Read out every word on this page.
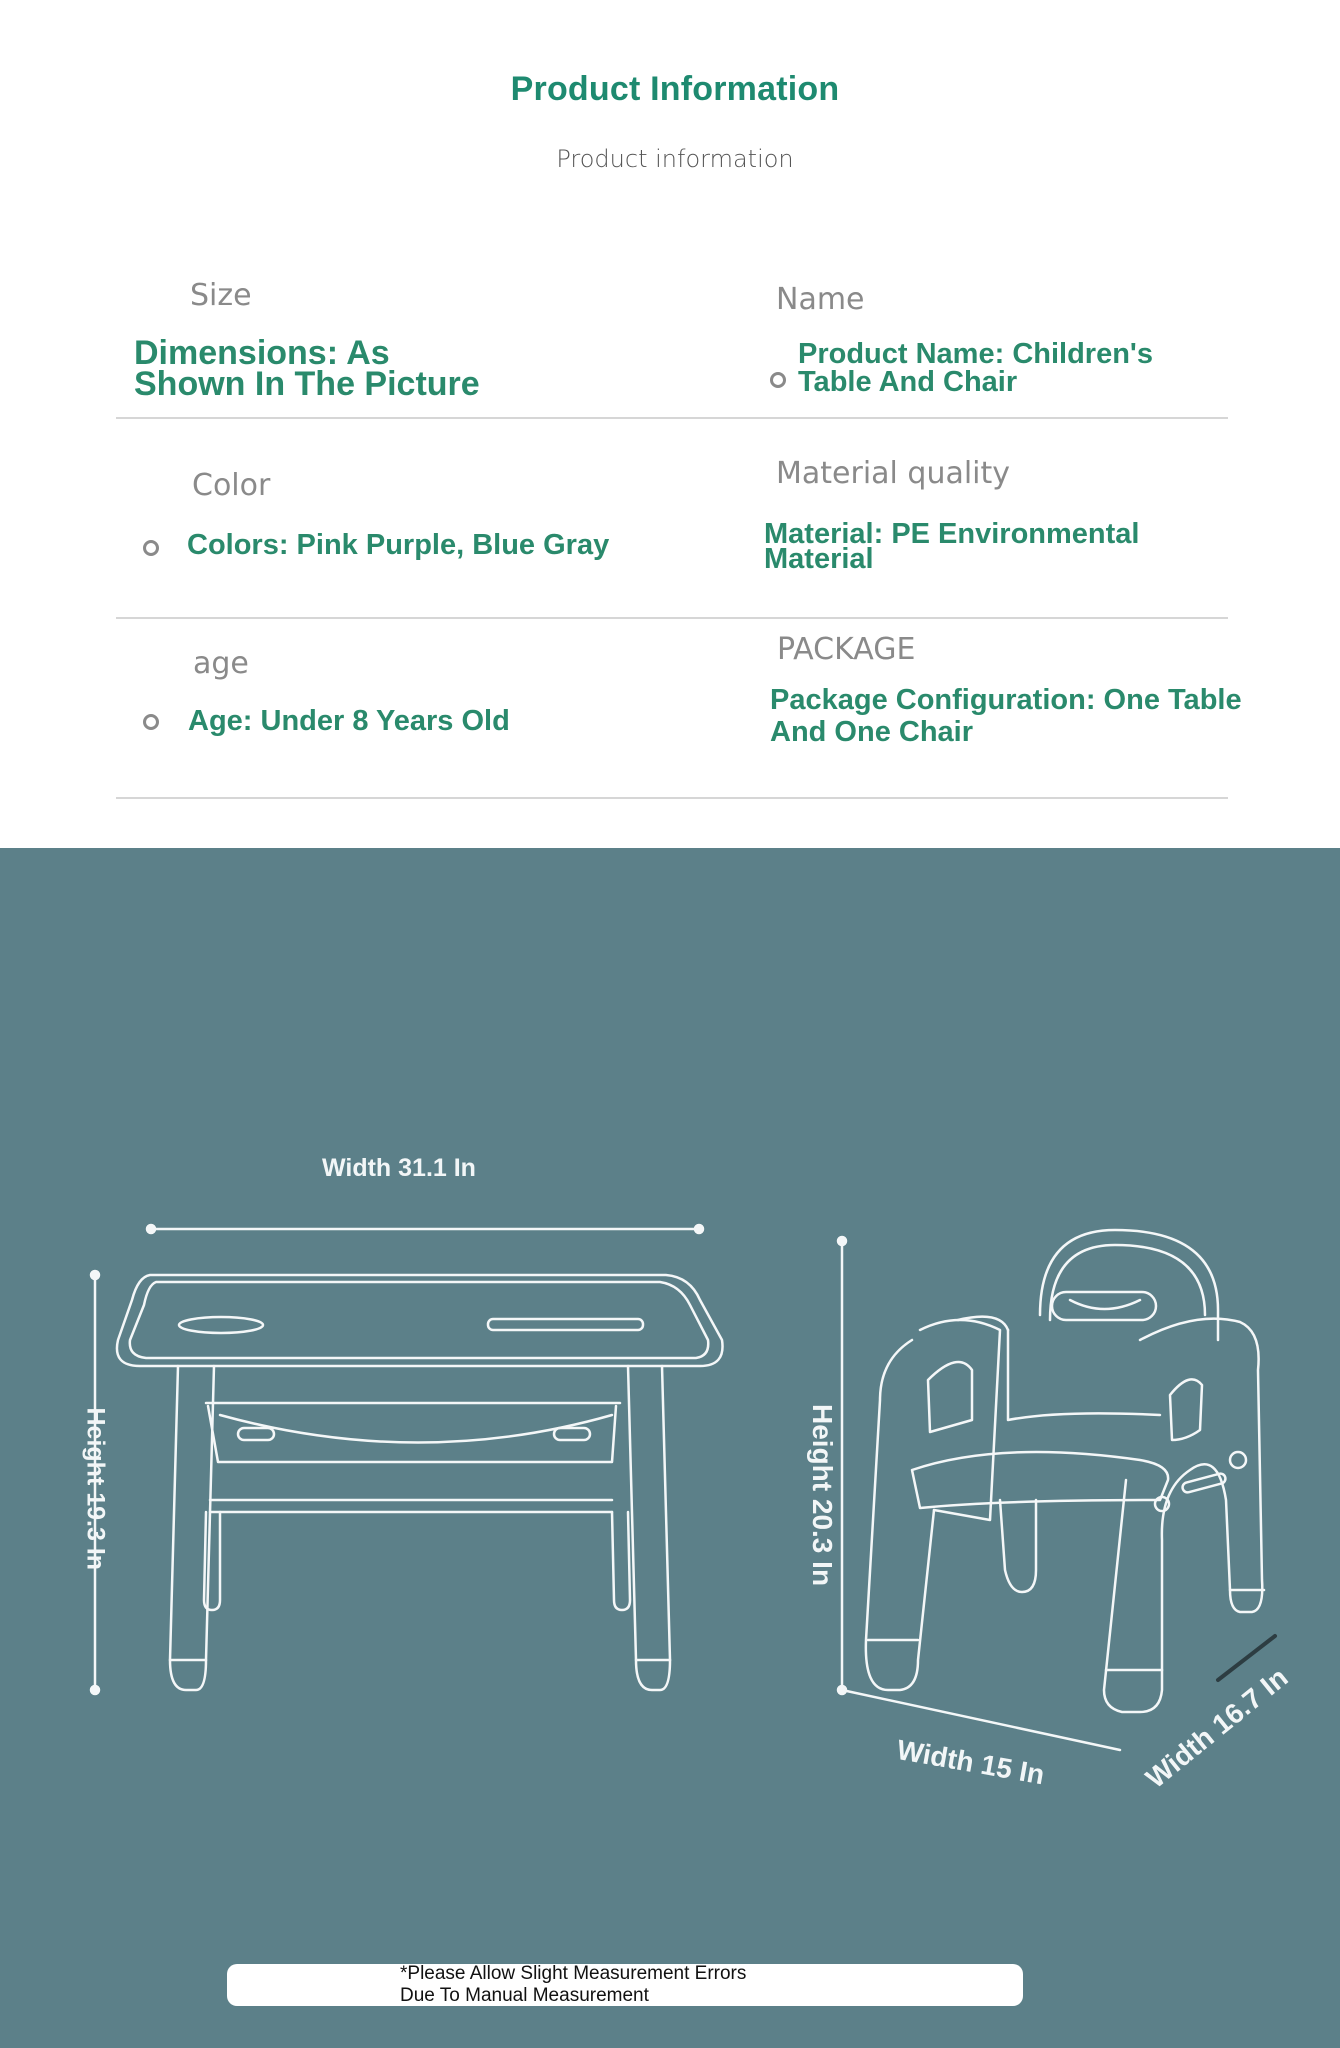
Product Information
Product information
Size
Dimensions: As
Shown In The Picture
Name
Product Name: Children's
Table And Chair
Color
Colors: Pink Purple, Blue Gray
Material quality
Material: PE Environmental
Material
age
Age: Under 8 Years Old
PACKAGE
Package Configuration: One Table
And One Chair
Width 31.1 In
Height 19.3 In	Height 20.3 In
Width 15 In	Width 16.7 In
*Please Allow Slight Measurement Errors
Due To Manual Measurement
